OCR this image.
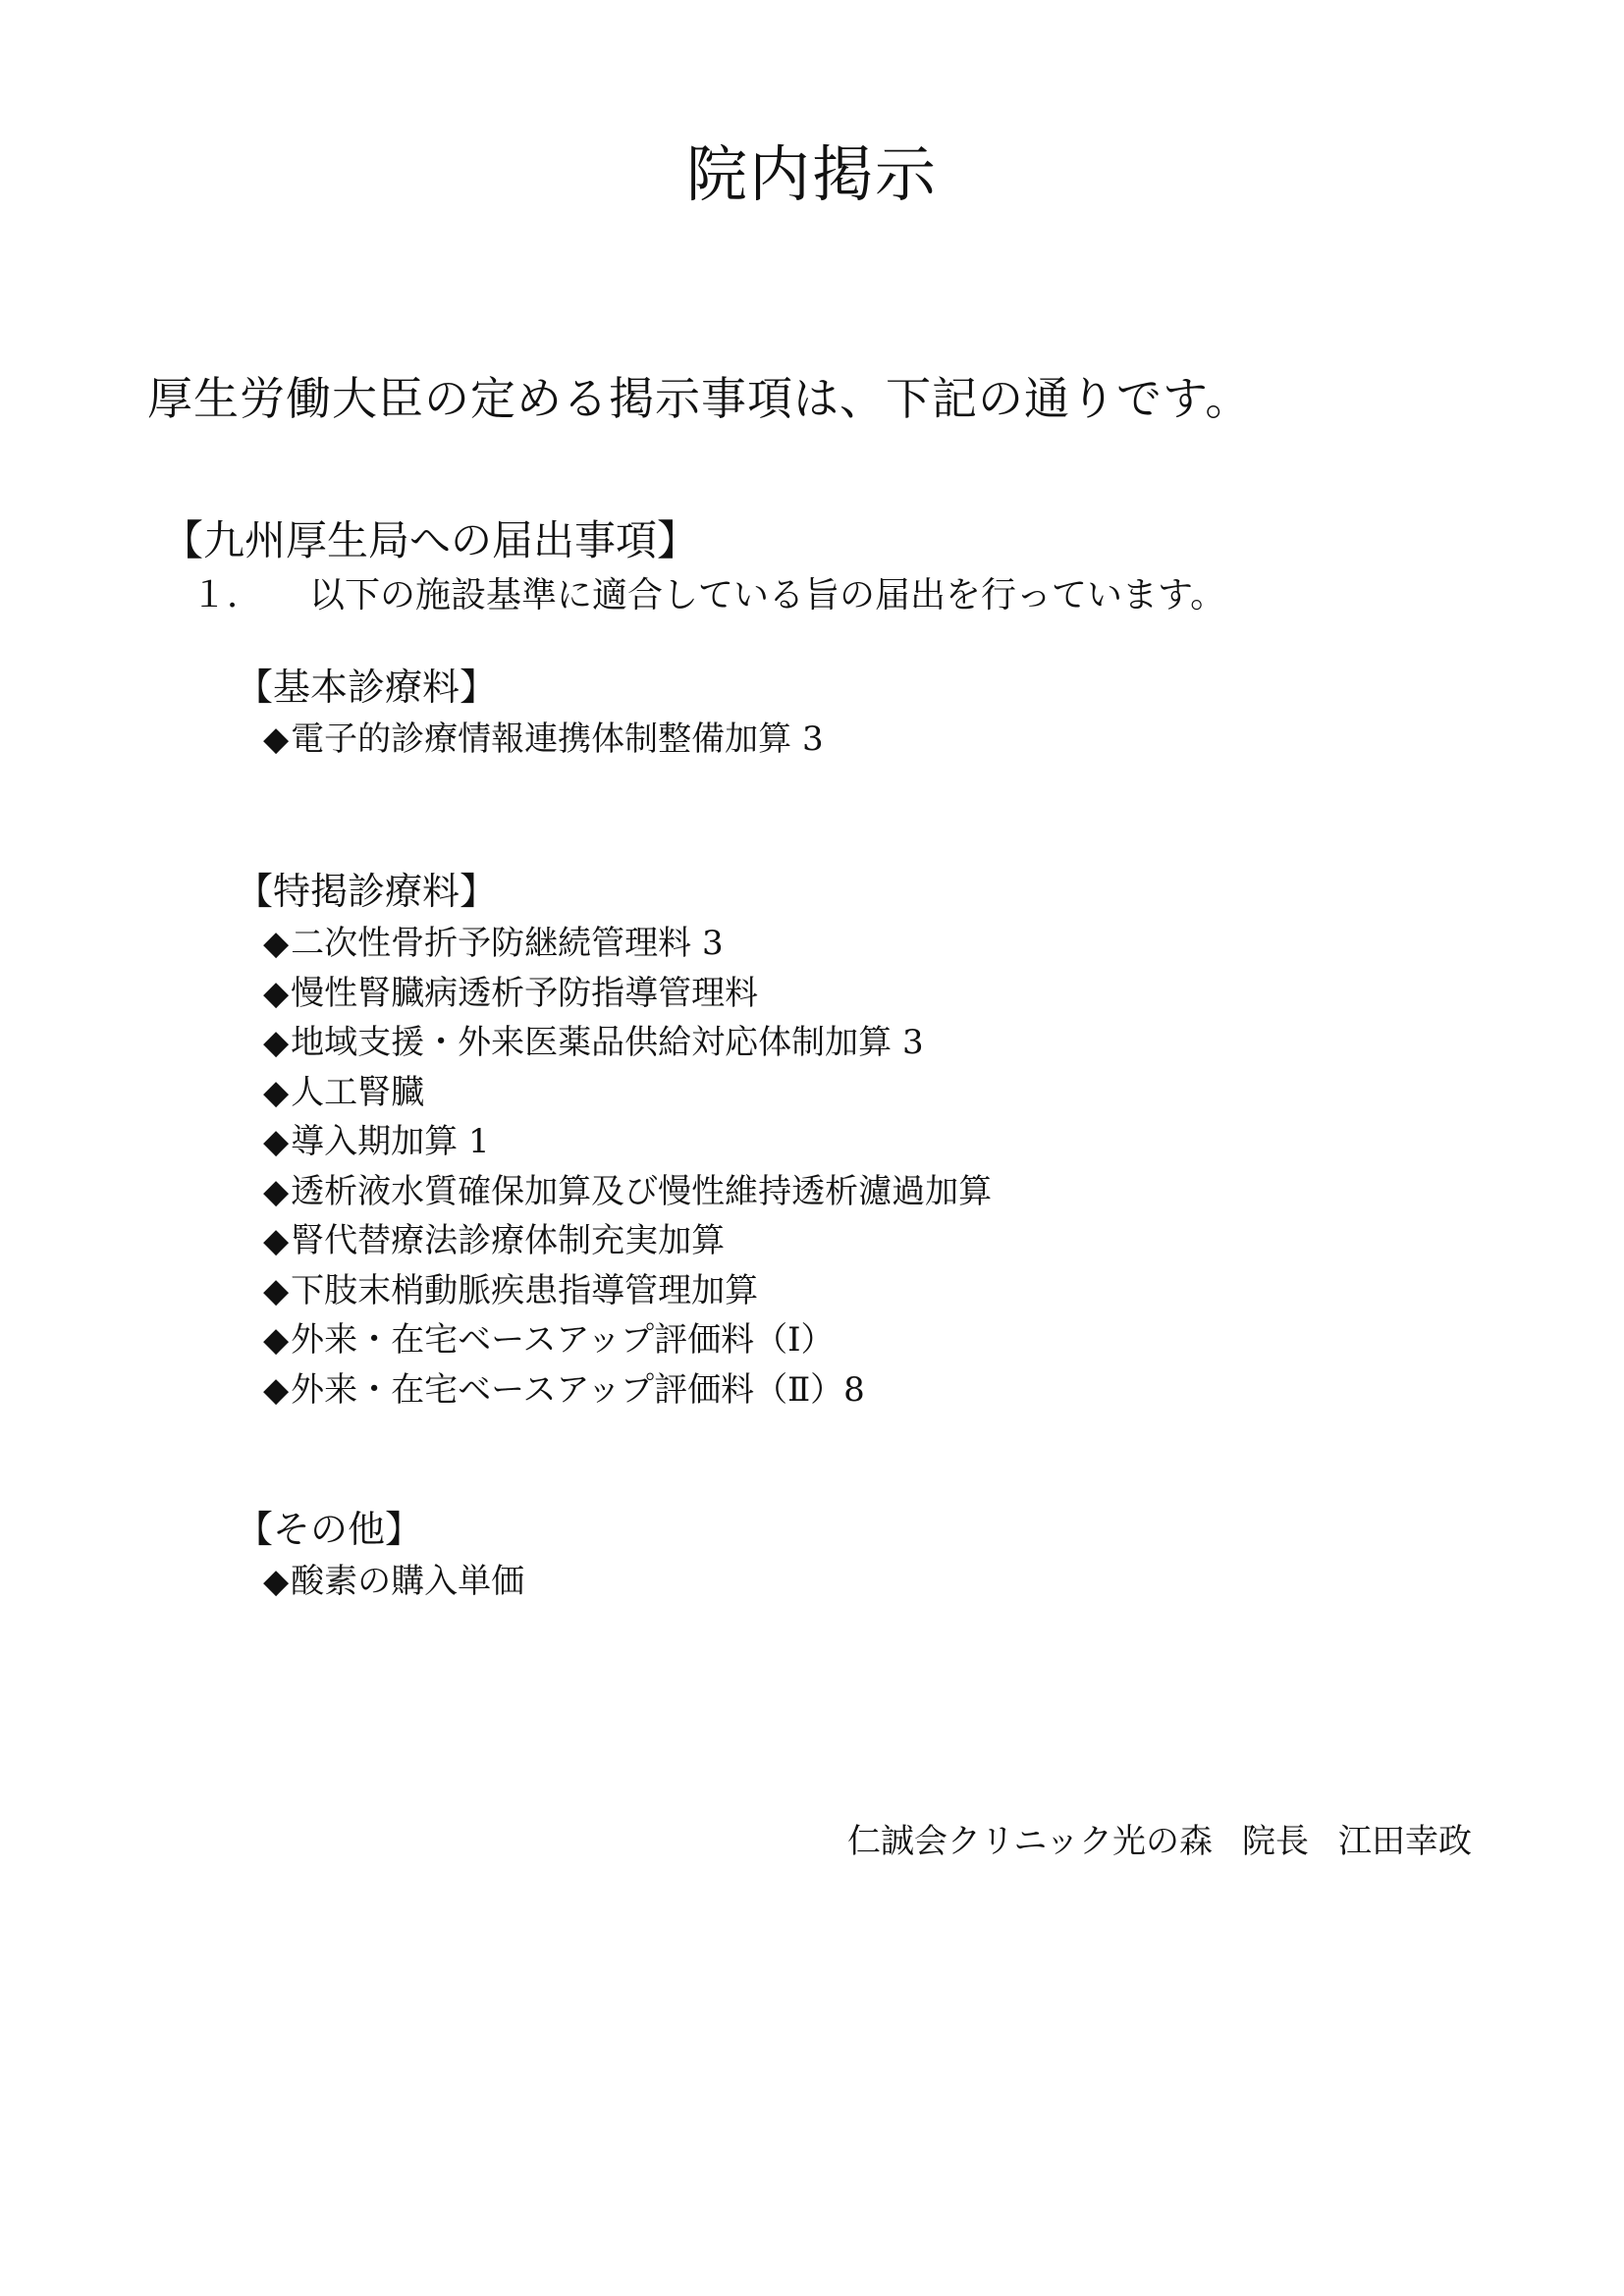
院内掲示
厚生労働大臣の定める掲示事項は、下記の通りです。
【九州厚生局への届出事項】
１． 以下の施設基準に適合している旨の届出を行っています。
【基本診療料】
◆電子的診療情報連携体制整備加算 3
【特掲診療料】
◆二次性骨折予防継続管理料 3
◆慢性腎臓病透析予防指導管理料
◆地域支援・外来医薬品供給対応体制加算 3
◆人工腎臓
◆導入期加算 1
◆透析液水質確保加算及び慢性維持透析濾過加算
◆腎代替療法診療体制充実加算
◆下肢末梢動脈疾患指導管理加算
◆外来・在宅ベースアップ評価料（Ⅰ）
◆外来・在宅ベースアップ評価料（Ⅱ）8
【その他】
◆酸素の購入単価
仁誠会クリニック光の森 院長 江田幸政
